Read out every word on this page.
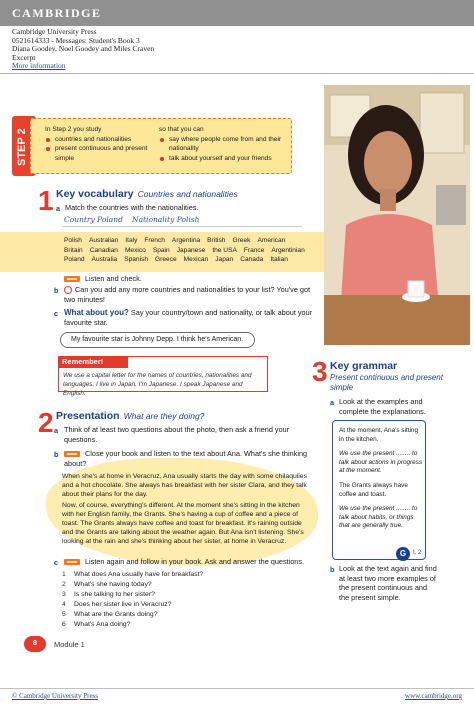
CAMBRIDGE
Cambridge University Press
0521614333 - Messages: Student's Book 3
Diana Goodey, Noel Goodey and Miles Craven
Excerpt
More information
STEP 2	In Step 2 you study
countries and nationalities
present continuous and present simple
so that you can
say where people come from and their nationality
talk about yourself and your friends
1 Key vocabulary Countries and nationalities
a Match the countries with the nationalities.
Country Poland Nationality Polish
Polish Australian Italy French Argentina British Greek American
Britain Canadian Mexico Spain Japanese the USA France Argentinian
Poland Australia Spanish Greece Mexican Japan Canada Italian
Listen and check.
b	Can you add any more countries and nationalities to your list? You've got two minutes!
c What about you? Say your country/town and nationality, or talk about your favourite star.
My favourite star is Johnny Depp. I think he's American.
Remember!
We use a capital letter for the names of countries, nationalities and languages. I live in Japan. I'm Japanese. I speak Japanese and English.
2 Presentation What are they doing?
a Think of at least two questions about the photo, then ask a friend your questions.
b	Close your book and listen to the text about Ana. What's she thinking about?

When she's at home in Veracruz, Ana usually starts the day with some chilaquiles and a hot chocolate. She always has breakfast with her sister Clara, and they talk about their plans for the day.

Now, of course, everything's different. At the moment she's sitting in the kitchen with her English family, the Grants. She's having a cup of coffee and a piece of toast. The Grants always have coffee and toast for breakfast. It's raining outside and the Grants are talking about the weather again. But Ana isn't listening. She's looking at the rain and she's thinking about her sister, at home in Veracruz.

c	Listen again and follow in your book. Ask and answer the questions.
1 What does Ana usually have for breakfast?
2 What's she having today?
3 Is she talking to her sister?
4 Does her sister live in Veracruz?
5 What are the Grants doing?
6 What's Ana doing?
3 Key grammar
Present continuous and present simple
a Look at the examples and complete the explanations.

At the moment, Ana's sitting in the kitchen.

We use the present ........ to talk about actions in progress at the moment.

The Grants always have coffee and toast.

We use the present ........ to talk about habits, or things that are generally true.

G	I, 2
b Look at the text again and find at least two more examples of the present continuous and the present simple.
8	Module 1
© Cambridge University Press	www.cambridge.org
